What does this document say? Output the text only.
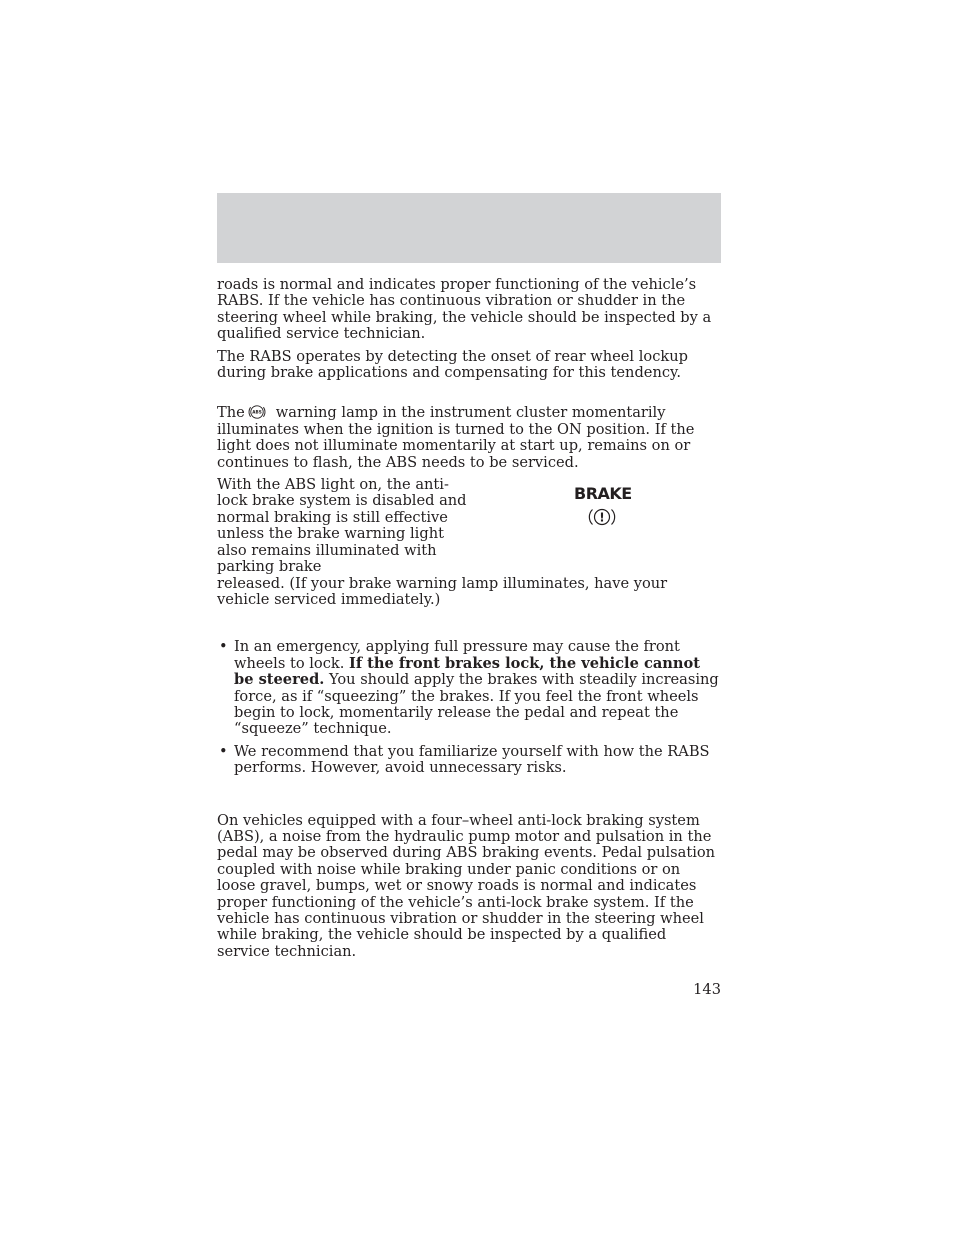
roads is normal and indicates proper functioning of the vehicle’s RABS. If the vehicle has continuous vibration or shudder in the steering wheel while braking, the vehicle should be inspected by a qualified service technician.

The RABS operates by detecting the onset of rear wheel lockup during brake applications and compensating for this tendency.

The ABS warning lamp in the instrument cluster momentarily illuminates when the ignition is turned to the ON position. If the light does not illuminate momentarily at start up, remains on or continues to flash, the ABS needs to be serviced.

With the ABS light on, the anti-lock brake system is disabled and normal braking is still effective unless the brake warning light also remains illuminated with parking brake

BRAKE
!

released. (If your brake warning lamp illuminates, have your vehicle serviced immediately.)

• In an emergency, applying full pressure may cause the front wheels to lock. If the front brakes lock, the vehicle cannot be steered. You should apply the brakes with steadily increasing force, as if “squeezing” the brakes. If you feel the front wheels begin to lock, momentarily release the pedal and repeat the “squeeze” technique.
• We recommend that you familiarize yourself with how the RABS performs. However, avoid unnecessary risks.

On vehicles equipped with a four–wheel anti-lock braking system (ABS), a noise from the hydraulic pump motor and pulsation in the pedal may be observed during ABS braking events. Pedal pulsation coupled with noise while braking under panic conditions or on loose gravel, bumps, wet or snowy roads is normal and indicates proper functioning of the vehicle’s anti-lock brake system. If the vehicle has continuous vibration or shudder in the steering wheel while braking, the vehicle should be inspected by a qualified service technician.

143
